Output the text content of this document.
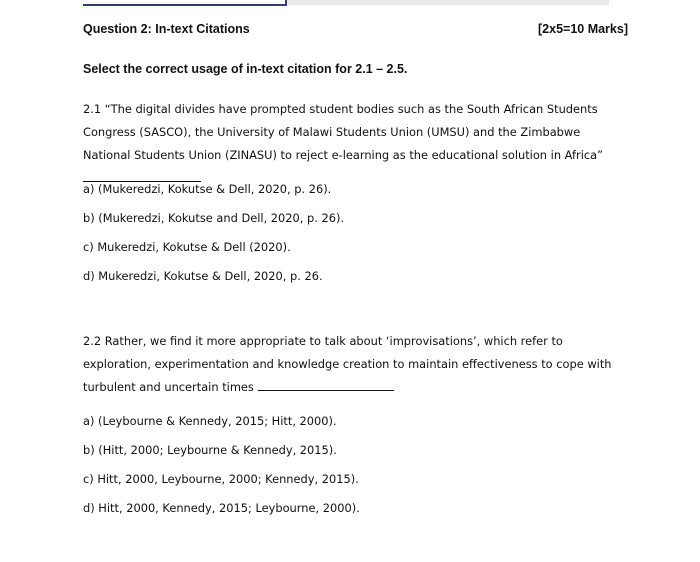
Question 2: In-text Citations	[2x5=10 Marks]
Select the correct usage of in-text citation for 2.1 – 2.5.
2.1 “The digital divides have prompted student bodies such as the South African Students Congress (SASCO), the University of Malawi Students Union (UMSU) and the Zimbabwe National Students Union (ZINASU) to reject e-learning as the educational solution in Africa”
a) (Mukeredzi, Kokutse & Dell, 2020, p. 26).
b) (Mukeredzi, Kokutse and Dell, 2020, p. 26).
c) Mukeredzi, Kokutse & Dell (2020).
d) Mukeredzi, Kokutse & Dell, 2020, p. 26.
2.2 Rather, we find it more appropriate to talk about ‘improvisations’, which refer to exploration, experimentation and knowledge creation to maintain effectiveness to cope with turbulent and uncertain times
a) (Leybourne & Kennedy, 2015; Hitt, 2000).
b) (Hitt, 2000; Leybourne & Kennedy, 2015).
c) Hitt, 2000, Leybourne, 2000; Kennedy, 2015).
d) Hitt, 2000, Kennedy, 2015; Leybourne, 2000).
